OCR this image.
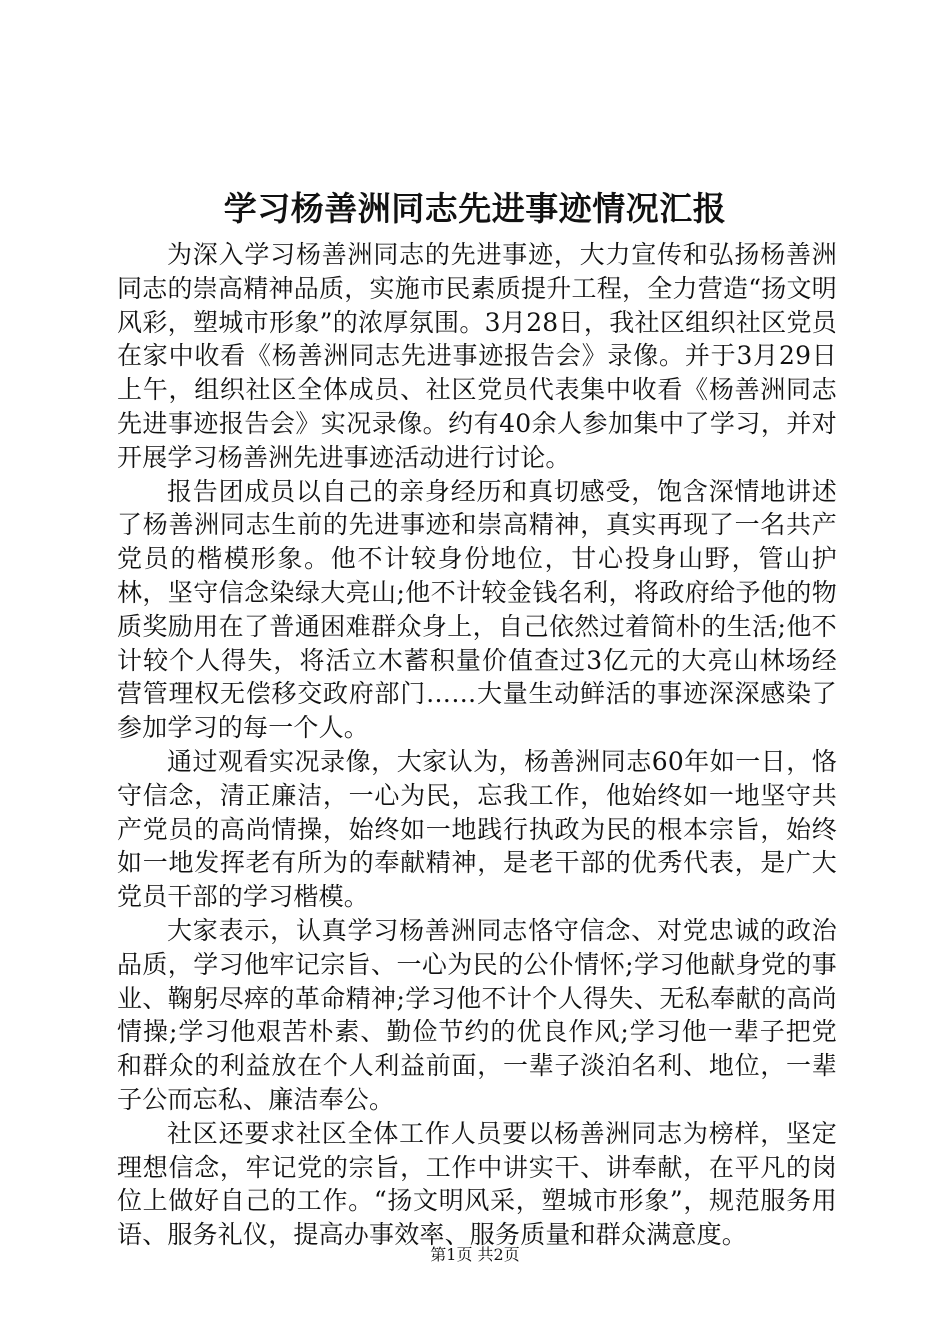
学习杨善洲同志先进事迹情况汇报

为深入学习杨善洲同志的先进事迹，大力宣传和弘扬杨善洲同志的崇高精神品质，实施市民素质提升工程，全力营造“扬文明风彩，塑城市形象”的浓厚氛围。3月28日，我社区组织社区党员在家中收看《杨善洲同志先进事迹报告会》录像。并于3月29日上午，组织社区全体成员、社区党员代表集中收看《杨善洲同志先进事迹报告会》实况录像。约有40余人参加集中了学习，并对开展学习杨善洲先进事迹活动进行讨论。

报告团成员以自己的亲身经历和真切感受，饱含深情地讲述了杨善洲同志生前的先进事迹和崇高精神，真实再现了一名共产党员的楷模形象。他不计较身份地位，甘心投身山野，管山护林，坚守信念染绿大亮山;他不计较金钱名利，将政府给予他的物质奖励用在了普通困难群众身上，自己依然过着简朴的生活;他不计较个人得失，将活立木蓄积量价值查过3亿元的大亮山林场经营管理权无偿移交政府部门……大量生动鲜活的事迹深深感染了参加学习的每一个人。

通过观看实况录像，大家认为，杨善洲同志60年如一日，恪守信念，清正廉洁，一心为民，忘我工作，他始终如一地坚守共产党员的高尚情操，始终如一地践行执政为民的根本宗旨，始终如一地发挥老有所为的奉献精神，是老干部的优秀代表，是广大党员干部的学习楷模。

大家表示，认真学习杨善洲同志恪守信念、对党忠诚的政治品质，学习他牢记宗旨、一心为民的公仆情怀;学习他献身党的事业、鞠躬尽瘁的革命精神;学习他不计个人得失、无私奉献的高尚情操;学习他艰苦朴素、勤俭节约的优良作风;学习他一辈子把党和群众的利益放在个人利益前面，一辈子淡泊名利、地位，一辈子公而忘私、廉洁奉公。

社区还要求社区全体工作人员要以杨善洲同志为榜样，坚定理想信念，牢记党的宗旨，工作中讲实干、讲奉献，在平凡的岗位上做好自己的工作。“扬文明风采，塑城市形象”，规范服务用语、服务礼仪，提高办事效率、服务质量和群众满意度。

第1页 共2页
